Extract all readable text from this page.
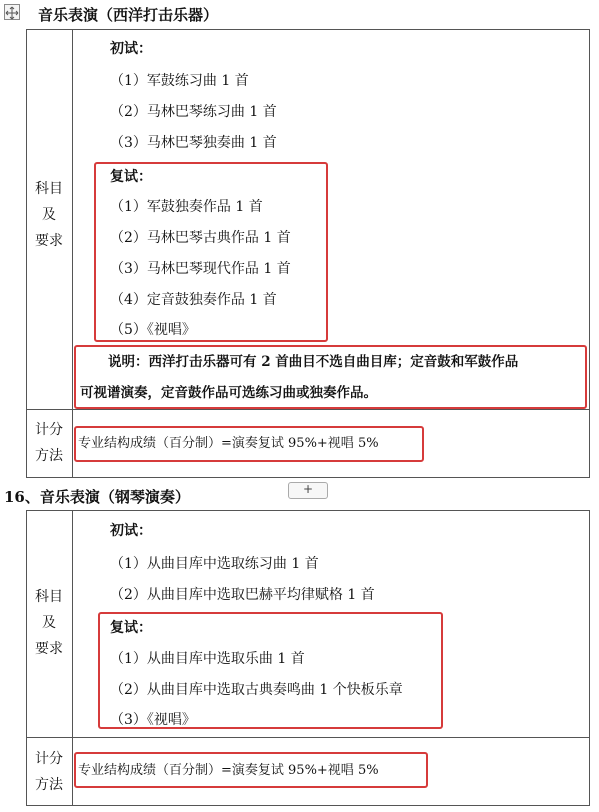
音乐表演（西洋打击乐器）
科目
及
要求
计分
方法
初试：
（1）军鼓练习曲 1 首
（2）马林巴琴练习曲 1 首
（3）马林巴琴独奏曲 1 首
复试：
（1）军鼓独奏作品 1 首
（2）马林巴琴古典作品 1 首
（3）马林巴琴现代作品 1 首
（4）定音鼓独奏作品 1 首
（5）《视唱》
说明：西洋打击乐器可有 2 首曲目不选自曲目库；定音鼓和军鼓作品
可视谱演奏，定音鼓作品可选练习曲或独奏作品。
专业结构成绩（百分制）=演奏复试 95%+视唱 5%
+
16、音乐表演（钢琴演奏）
科目
及
要求
计分
方法
初试：
（1）从曲目库中选取练习曲 1 首
（2）从曲目库中选取巴赫平均律赋格 1 首
复试：
（1）从曲目库中选取乐曲 1 首
（2）从曲目库中选取古典奏鸣曲 1 个快板乐章
（3）《视唱》
专业结构成绩（百分制）=演奏复试 95%+视唱 5%
